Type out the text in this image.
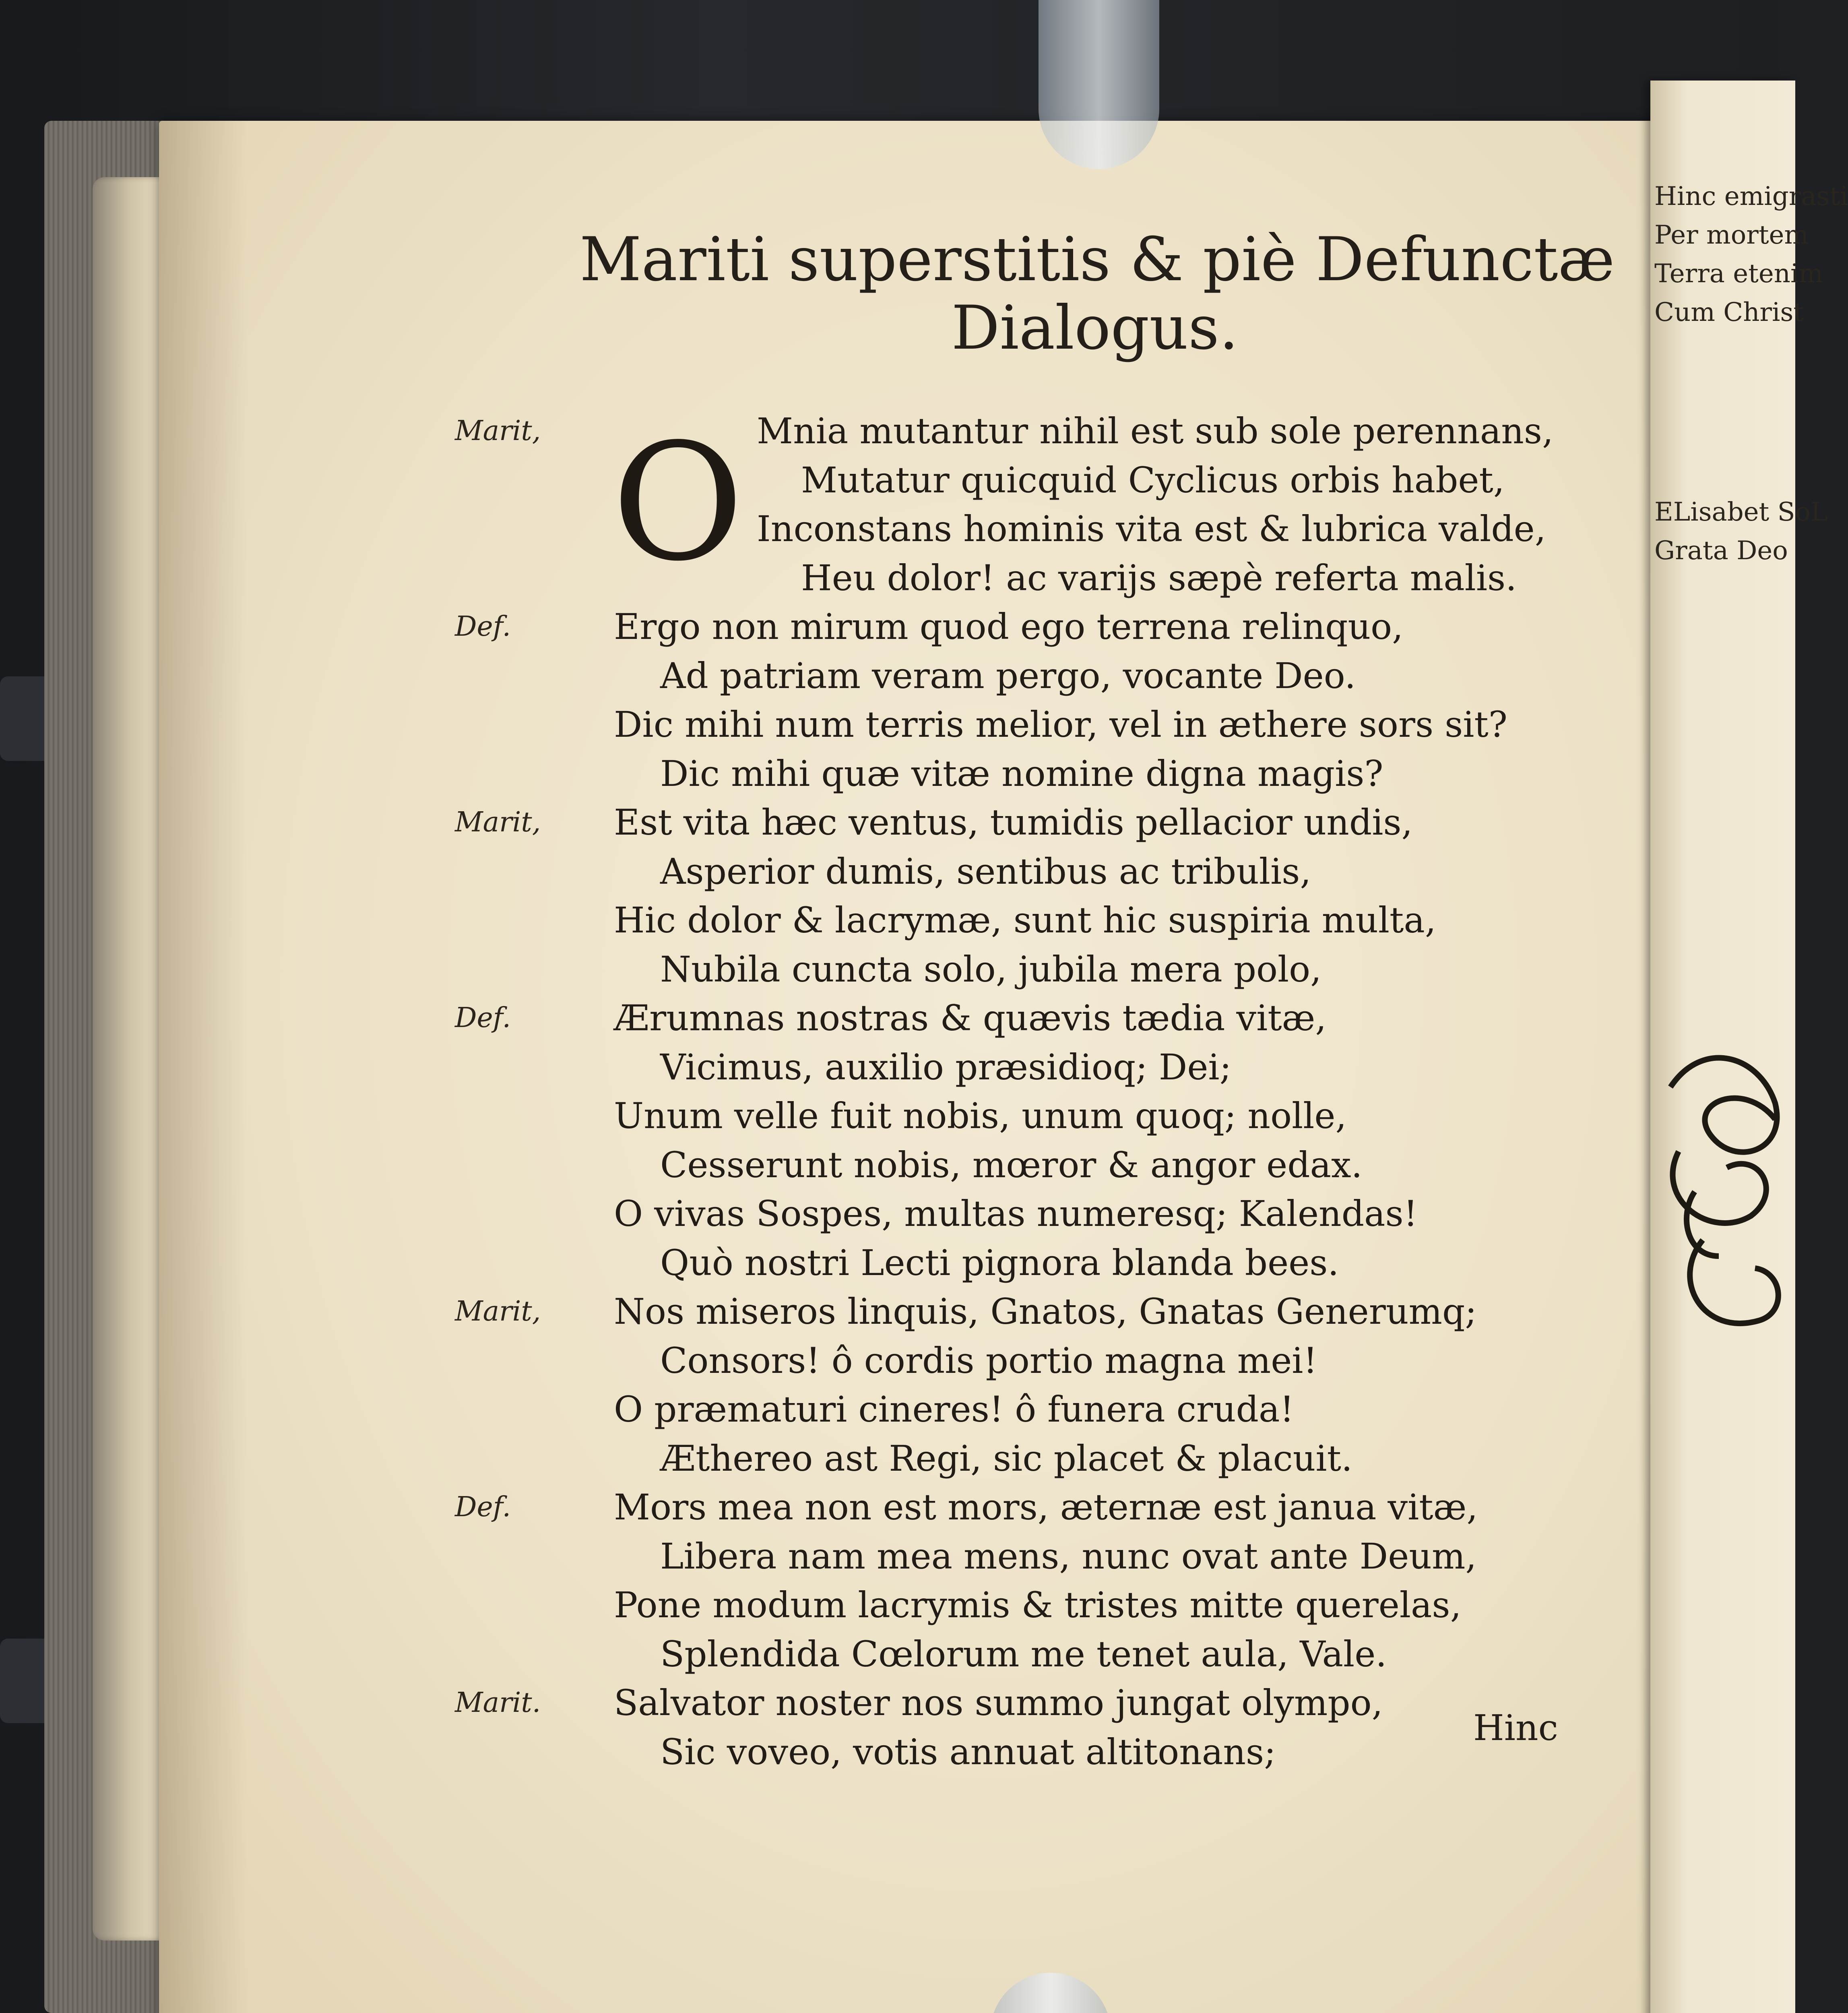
Hinc emigrasti
Per mortem
Terra etenim
Cum Christ
ELisabet SoL
Grata Deo
Mariti superstitis & piè Defunctæ
Dialogus.
O
Marit,	Mnia mutantur nihil est sub sole perennans,
Mutatur quicquid Cyclicus orbis habet,
Inconstans hominis vita est & lubrica valde,
Heu dolor! ac varijs sæpè referta malis.
Def.	Ergo non mirum quod ego terrena relinquo,
Ad patriam veram pergo, vocante Deo.
Dic mihi num terris melior, vel in æthere sors sit?
Dic mihi quæ vitæ nomine digna magis?
Marit, Est vita hæc ventus, tumidis pellacior undis,
Asperior dumis, sentibus ac tribulis,
Hic dolor & lacrymæ, sunt hic suspiria multa,
Nubila cuncta solo, jubila mera polo,
Def.	Ærumnas nostras & quævis tædia vitæ,
Vicimus, auxilio præsidioq; Dei;
Unum velle fuit nobis, unum quoq; nolle,
Cesserunt nobis, mœror & angor edax.
O vivas Sospes, multas numeresq; Kalendas!
Quò nostri Lecti pignora blanda bees.
Marit, Nos miseros linquis, Gnatos, Gnatas Generumq;
Consors! ô cordis portio magna mei!
O præmaturi cineres! ô funera cruda!
Æthereo ast Regi, sic placet & placuit.
Def.	Mors mea non est mors, æternæ est janua vitæ,
Libera nam mea mens, nunc ovat ante Deum,
Pone modum lacrymis & tristes mitte querelas,
Splendida Cœlorum me tenet aula, Vale.
Marit. Salvator noster nos summo jungat olympo,
Sic voveo, votis annuat altitonans;
Hinc
